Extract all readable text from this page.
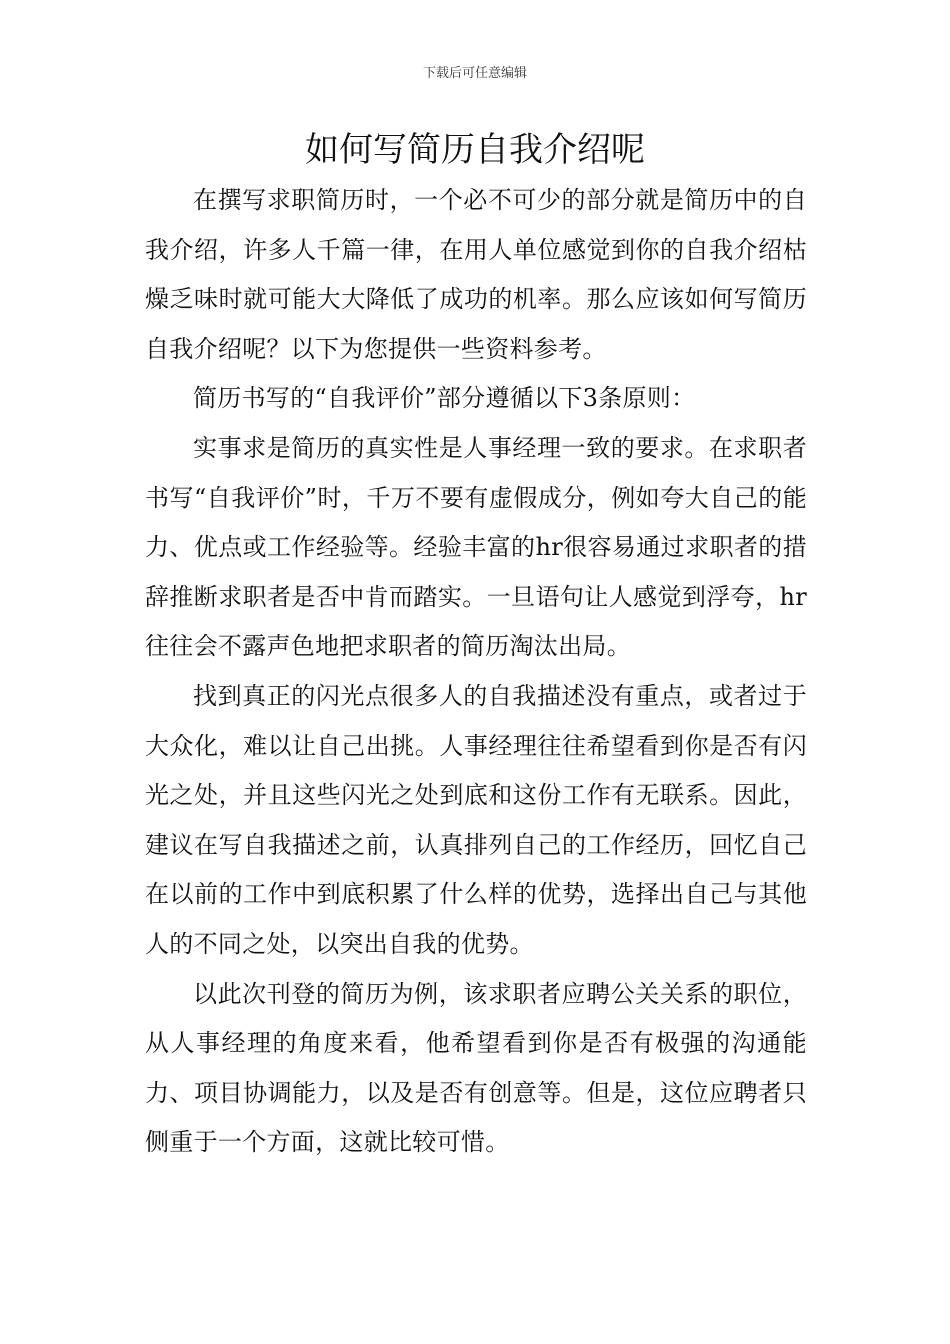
下载后可任意编辑
如何写简历自我介绍呢

在撰写求职简历时，一个必不可少的部分就是简历中的自我介绍，许多人千篇一律，在用人单位感觉到你的自我介绍枯燥乏味时就可能大大降低了成功的机率。那么应该如何写简历自我介绍呢？以下为您提供一些资料参考。

简历书写的“自我评价”部分遵循以下3条原则：

实事求是简历的真实性是人事经理一致的要求。在求职者书写“自我评价”时，千万不要有虚假成分，例如夸大自己的能力、优点或工作经验等。经验丰富的hr很容易通过求职者的措辞推断求职者是否中肯而踏实。一旦语句让人感觉到浮夸，hr往往会不露声色地把求职者的简历淘汰出局。

找到真正的闪光点很多人的自我描述没有重点，或者过于大众化，难以让自己出挑。人事经理往往希望看到你是否有闪光之处，并且这些闪光之处到底和这份工作有无联系。因此，建议在写自我描述之前，认真排列自己的工作经历，回忆自己在以前的工作中到底积累了什么样的优势，选择出自己与其他人的不同之处，以突出自我的优势。

以此次刊登的简历为例，该求职者应聘公关关系的职位，从人事经理的角度来看，他希望看到你是否有极强的沟通能力、项目协调能力，以及是否有创意等。但是，这位应聘者只侧重于一个方面，这就比较可惜。
